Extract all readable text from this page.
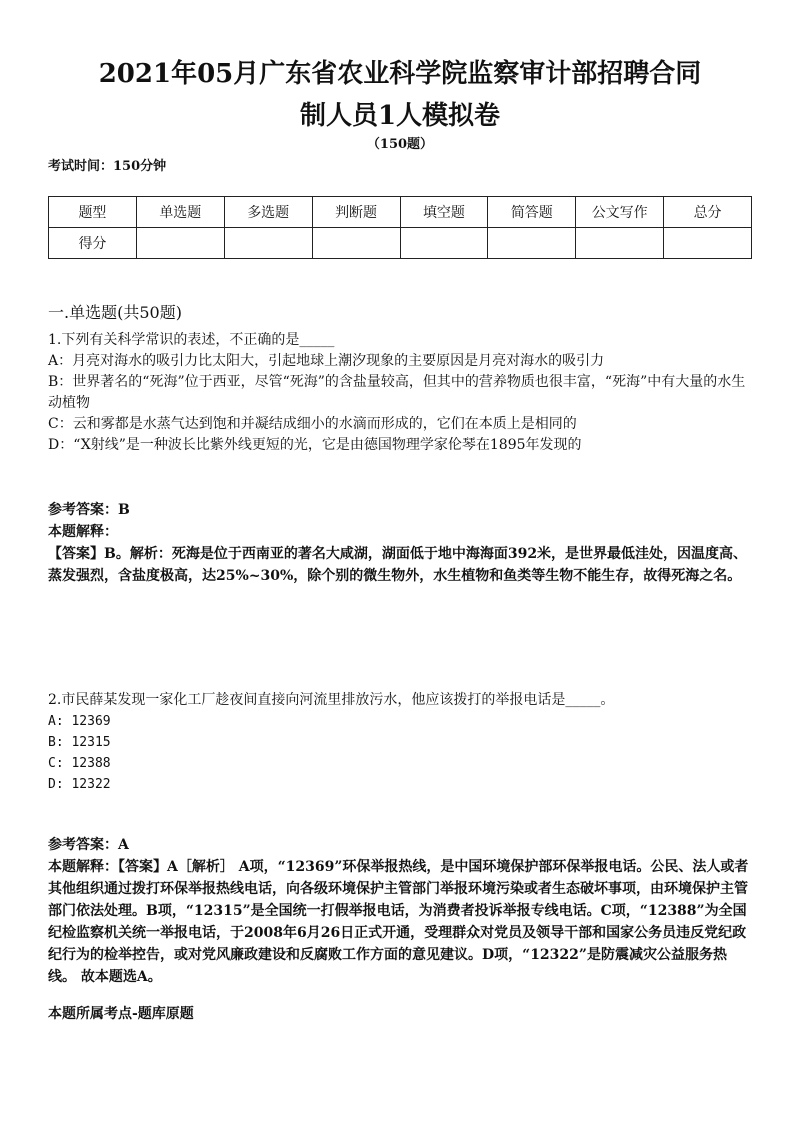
2021年05月广东省农业科学院监察审计部招聘合同
制人员1人模拟卷
（150题）
考试时间：150分钟
题型	单选题	多选题	判断题	填空题	简答题	公文写作	总分
得分							
一.单选题(共50题)
1.下列有关科学常识的表述，不正确的是_____
A：月亮对海水的吸引力比太阳大，引起地球上潮汐现象的主要原因是月亮对海水的吸引力
B：世界著名的“死海”位于西亚，尽管“死海”的含盐量较高，但其中的营养物质也很丰富，“死海”中有大量的水生动植物
C：云和雾都是水蒸气达到饱和并凝结成细小的水滴而形成的，它们在本质上是相同的
D：“X射线”是一种波长比紫外线更短的光，它是由德国物理学家伦琴在1895年发现的
参考答案：B
本题解释：
【答案】B。解析：死海是位于西南亚的著名大咸湖，湖面低于地中海海面392米，是世界最低洼处，因温度高、蒸发强烈，含盐度极高，达25%~30%，除个别的微生物外，水生植物和鱼类等生物不能生存，故得死海之名。
2.市民薛某发现一家化工厂趁夜间直接向河流里排放污水，他应该拨打的举报电话是_____。
A: 12369
B: 12315
C: 12388
D: 12322
参考答案：A
本题解释：【答案】A［解析］ A项，“12369”环保举报热线，是中国环境保护部环保举报电话。公民、法人或者其他组织通过拨打环保举报热线电话，向各级环境保护主管部门举报环境污染或者生态破坏事项，由环境保护主管部门依法处理。B项，“12315”是全国统一打假举报电话，为消费者投诉举报专线电话。C项，“12388”为全国纪检监察机关统一举报电话，于2008年6月26日正式开通，受理群众对党员及领导干部和国家公务员违反党纪政纪行为的检举控告，或对党风廉政建设和反腐败工作方面的意见建议。D项，“12322”是防震减灾公益服务热线。 故本题选A。
本题所属考点-题库原题
